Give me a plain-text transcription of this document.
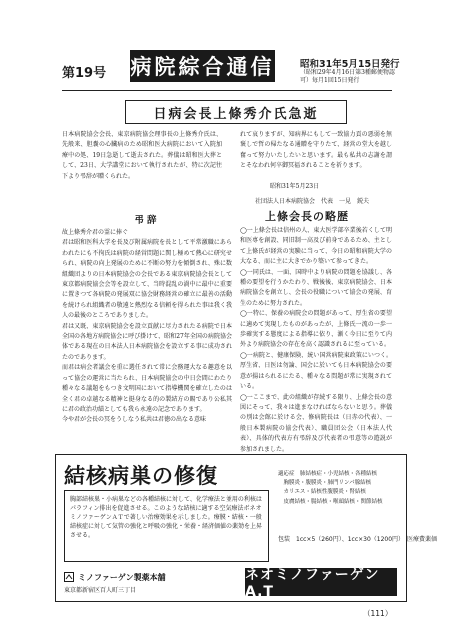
第19号 病院綜合通信	昭和31年5月15日発行
（昭和29年4月16日第3種郵便物認可）毎月1回15日発行
日病会長上條秀介氏急逝
日本病院協会会長、東京病院協会理事長の上條秀介氏は、先般来、胆嚢の心臓病のため昭和医大病院において入院加療中の処、19日急逝して逝去された。葬儀は昭和医大葬として、23日、大学講堂において執行されたが、特に次記往下より弔辞が贈くられた。
れて哀りますが、知病界にもして一致協力貢の悪弱を無褒しで哲の帰たなる通贈を守りたて、経営の堂大を越し奮って努力いたしたいと思います。最も私共の志謝を謂とそなわれ何卒御冥福されることを祈ります。
昭和31年5月23日
社団法人日本病院協会　代表　一見　鋭夫
弔辞
故上條秀介君の霊に捧ぐ
君は昭和医科大学を長及び附属病院を長として平常激職にあらわれたにも不拘氏は病院の経営問題に関し極めて熱心に研究せられ、病院の向上発展のために不断の努力を傾倒され、殊に数組織団よりの日本病院協会の会長である東京病院協会長として東京都病院協会会等を設立して、当時混乱の渦中に最中に重要に置きつて各病院の発展双に協会財務経営の確立に最善の活動を続けられ組織者の敬遠と熱烈なる信頼を得られた事は我く我人の最後のところでありました。
君は又既、東京病院協会を設立貢献に尽力されたる病院で日本全国の各地方病院協会に呼び掛けて、昭和27年全国の病院協会体である現在の日本法人日本病院協会を設立する事に成功されたのであります。
而君は病会者議会を重に選任されて常に会務運大なる趣意を以って協会の運営に当たられ、日本病院協会の中日会間にわたり種々なる議題をもつき文明国において指導機関を確立したのは全く君の卓越なる精神と挺身なる的の製結方の賜であり公私其に君の政治功績としても我ら永遠の記念であります。
今や君が会長の冥をうしなう私共は君徳の出なる意味
上條会長の略歴
◯一上條会長は信州の人、東大医学部卒業後若くして明和医専を創設、同旧制一高及び前身であるため、主として上條氏が経営の実験に当って、今日の昭和病院大学の大なる、而に主に大きでかり築いて参ってきた。
◯一同氏は、一面、国時中より病院の問題を協議し、各種の要望を行うかたわり、戦後後、東京病院協会、日本病院協会を創立し、会長の役職について協会の発展、育生のために努力された。
◯一特に、保養の病院会の問題があって、厚生省の要望に適めて実現したものがあったが、上條氏一流の一歩一歩確実する態度による指導に依り、漸く今日に至りて内外より病院協会の存在を高く認識されるに至っている。
◯一病院と、健康保険、統い国営病院東政策にいつく。厚生省、日医は勿論、国会に於いても日本病院協会の要意が揚はられるにたる、種々なる問題が常に実現されている。
◯一ここまで、此の組織が存続する限り、上條会長の意図にそって、我々は進まなければならないと思う。葬儀の別は会館に於ける会、修病院長は（日赤の代表）、一般日本製病院の協会代表）、職員団公会（日本法人代表）、具体的代表方有弔辞及び代表者の弔意等の遊説が参加されました。
結核病巣の修復
胸部結核巣・小病巣などの各種結核に対して、化学療法と並用の利核はパラフィン排出を促進させる。このような結核に適する空気療法ボネオミノファーゲンＡＴで著しい治療効果を示しました。療膜・結核・一般結核症に対して気管の強化と呼吸の強化・栄養・経済価値の薬効を上昇させる。
適応症　肺結核症・小児結核・各種結核
　胸膜炎・腹膜炎・肺門リンパ腺結核
　カリエス・結核性腹膜炎・腎結核
　皮膚結核・腸結核・喉頭結核・関節結核
包装　1cc×5（260円）、1cc×30（1200円）　医療費薬価
ミノファーゲン製薬本舗
東京都新宿区百人町三丁目
ネオミノファーゲンA.T
（111）
